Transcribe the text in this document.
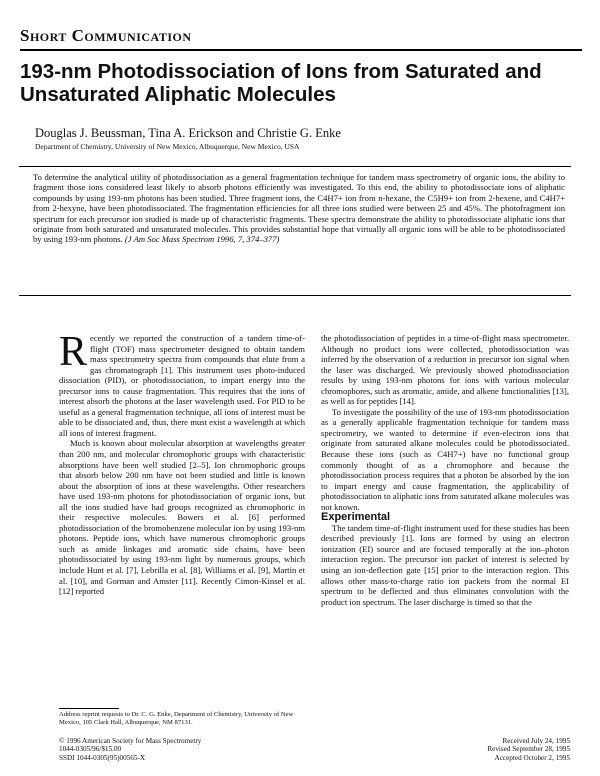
Short Communication
193-nm Photodissociation of Ions from Saturated and Unsaturated Aliphatic Molecules
Douglas J. Beussman, Tina A. Erickson and Christie G. Enke
Department of Chemistry, University of New Mexico, Albuquerque, New Mexico, USA
To determine the analytical utility of photodissociation as a general fragmentation technique for tandem mass spectrometry of organic ions, the ability to fragment those ions considered least likely to absorb photons efficiently was investigated. To this end, the ability to photodissociate ions of aliphatic compounds by using 193-nm photons has been studied. Three fragment ions, the C4H7+ ion from n-hexane, the C5H9+ ion from 2-hexene, and C4H7+ from 2-hexyne, have been photodissociated. The fragmentation efficiencies for all three ions studied were between 25 and 45%. The photofragment ion spectrum for each precursor ion studied is made up of characteristic fragments. These spectra demonstrate the ability to photodissociate aliphatic ions that originate from both saturated and unsaturated molecules. This provides substantial hope that virtually all organic ions will be able to be photodissociated by using 193-nm photons. (J Am Soc Mass Spectrom 1996, 7, 374–377)

Recently we reported the construction of a tandem time-of-flight (TOF) mass spectrometer designed to obtain tandem mass spectrometry spectra from compounds that elute from a gas chromatograph [1]. This instrument uses photo-induced dissociation (PID), or photodissociation, to impart energy into the precursor ions to cause fragmentation. This requires that the ions of interest absorb the photons at the laser wavelength used. For PID to be useful as a general fragmentation technique, all ions of interest must be able to be dissociated and, thus, there must exist a wavelength at which all ions of interest fragment.

Much is known about molecular absorption at wavelengths greater than 200 nm, and molecular chromophoric groups with characteristic absorptions have been well studied [2–5]. Ion chromophoric groups that absorb below 200 nm have not been studied and little is known about the absorption of ions at these wavelengths. Other researchers have used 193-nm photons for photodissociation of organic ions, but all the ions studied have had groups recognized as chromophoric in their respective molecules. Bowers et al. [6] performed photodissociation of the bromobenzene molecular ion by using 193-nm photons. Peptide ions, which have numerous chromophoric groups such as amide linkages and aromatic side chains, have been photodissociated by using 193-nm light by numerous groups, which include Hunt et al. [7], Lebrilla et al. [8], Williams et al. [9], Martin et al. [10], and Gorman and Amster [11]. Recently Cimon-Kinsel et al. [12] reported

the photodissociation of peptides in a time-of-flight mass spectrometer. Although no product ions were collected, photodissociation was inferred by the observation of a reduction in precursor ion signal when the laser was discharged. We previously showed photodissociation results by using 193-nm photons for ions with various molecular chromophores, such as aromatic, amide, and alkene functionalities [13], as well as for peptides [14].

To investigate the possibility of the use of 193-nm photodissociation as a generally applicable fragmentation technique for tandem mass spectrometry, we wanted to determine if even-electron ions that originate from saturated alkane molecules could be photodissociated. Because these ions (such as C4H7+) have no functional group commonly thought of as a chromophore and because the photodissociation process requires that a photon be absorbed by the ion to impart energy and cause fragmentation, the applicability of photodissociation to aliphatic ions from saturated alkane molecules was not known.

Experimental

The tandem time-of-flight instrument used for these studies has been described previously [1]. Ions are formed by using an electron ionization (EI) source and are focused temporally at the ion–photon interaction region. The precursor ion packet of interest is selected by using an ion-deflection gate [15] prior to the interaction region. This allows other mass-to-charge ratio ion packets from the normal EI spectrum to be deflected and thus eliminates convolution with the product ion spectrum. The laser discharge is timed so that the

Address reprint requests to Dr. C. G. Enke, Department of Chemistry, University of New Mexico, 105 Clark Hall, Albuquerque, NM 87131.
© 1996 American Society for Mass Spectrometry
1044-0305/96/$15.00
SSDI 1044-0305(95)00565-X
Received July 24, 1995
Revised September 28, 1995
Accepted October 2, 1995
